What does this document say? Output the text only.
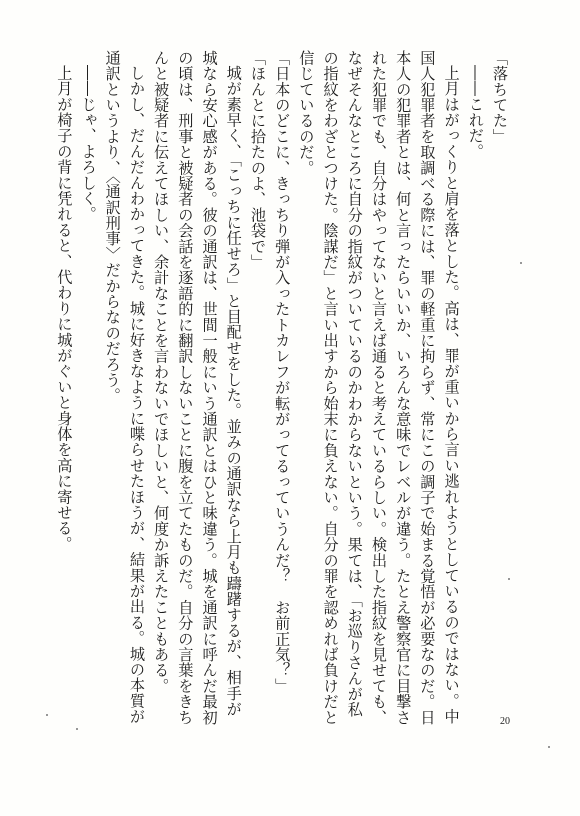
「落ちてた」
――これだ。
上月はがっくりと肩を落とした。高は、罪が重いから言い逃れようとしているのではない。中
国人犯罪者を取調べる際には、罪の軽重に拘らず、常にこの調子で始まる覚悟が必要なのだ。日
本人の犯罪者とは、何と言ったらいいか、いろんな意味でレベルが違う。たとえ警察官に目撃さ
れた犯罪でも、自分はやってないと言えば通ると考えているらしい。検出した指紋を見せても、
なぜそんなところに自分の指紋がついているのかわからないという。果ては、「お巡りさんが私
の指紋をわざとつけた。陰謀だ」と言い出すから始末に負えない。自分の罪を認めれば負けだと
信じているのだ。
「日本のどこに、きっちり弾が入ったトカレフが転がってるっていうんだ？　お前正気？」
「ほんとに拾たのよ、池袋で」
城が素早く、「こっちに任せろ」と目配せをした。並みの通訳なら上月も躊躇するが、相手が
城なら安心感がある。彼の通訳は、世間一般にいう通訳とはひと味違う。城を通訳に呼んだ最初
の頃は、刑事と被疑者の会話を逐語的に翻訳しないことに腹を立てたものだ。自分の言葉をきち
んと被疑者に伝えてほしい、余計なことを言わないでほしいと、何度か訴えたこともある。
しかし、だんだんわかってきた。城に好きなように喋らせたほうが、結果が出る。城の本質が
通訳というより、〈通訳刑事〉だからなのだろう。
――じゃ、よろしく。
上月が椅子の背に凭れると、代わりに城がぐいと身体を高に寄せる。
20
